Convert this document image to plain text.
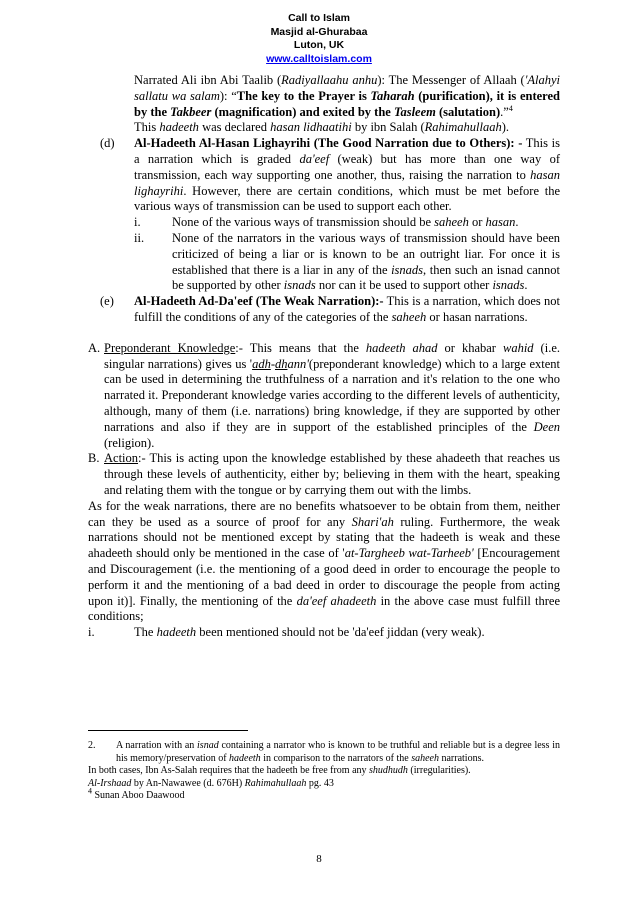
Call to Islam
Masjid al-Ghurabaa
Luton, UK
www.calltoislam.com

Narrated Ali ibn Abi Taalib (Radiyallaahu anhu): The Messenger of Allaah ('Alahyi sallatu wa salam): “The key to the Prayer is Taharah (purification), it is entered by the Takbeer (magnification) and exited by the Tasleem (salutation).”$^4$

This hadeeth was declared hasan lidhaatihi by ibn Salah (Rahimahullaah).

(d) Al-Hadeeth Al-Hasan Lighayrihi (The Good Narration due to Others): - This is a narration which is graded da'eef (weak) but has more than one way of transmission, each way supporting one another, thus, raising the narration to hasan lighayrihi. However, there are certain conditions, which must be met before the various ways of transmission can be used to support each other.
i.	None of the various ways of transmission should be saheeh or hasan.
ii. None of the narrators in the various ways of transmission should have been criticized of being a liar or is known to be an outright liar. For once it is established that there is a liar in any of the isnads, then such an isnad cannot be supported by other isnads nor can it be used to support other isnads.
(e) Al-Hadeeth Ad-Da'eef (The Weak Narration):- This is a narration, which does not fulfill the conditions of any of the categories of the saheeh or hasan narrations.
A. Preponderant Knowledge:- This means that the hadeeth ahad or khabar wahid (i.e. singular narrations) gives us 'adh-dhann'(preponderant knowledge) which to a large extent can be used in determining the truthfulness of a narration and it's relation to the one who narrated it. Preponderant knowledge varies according to the different levels of authenticity, although, many of them (i.e. narrations) bring knowledge, if they are supported by other narrations and also if they are in support of the established principles of the Deen (religion).
B. Action:- This is acting upon the knowledge established by these ahadeeth that reaches us through these levels of authenticity, either by; believing in them with the heart, speaking and relating them with the tongue or by carrying them out with the limbs.

As for the weak narrations, there are no benefits whatsoever to be obtain from them, neither can they be used as a source of proof for any Shari'ah ruling. Furthermore, the weak narrations should not be mentioned except by stating that the hadeeth is weak and these ahadeeth should only be mentioned in the case of 'at-Targheeb wat-Tarheeb' [Encouragement and Discouragement (i.e. the mentioning of a good deed in order to encourage the people to perform it and the mentioning of a bad deed in order to discourage the people from acting upon it)]. Finally, the mentioning of the da'eef ahadeeth in the above case must fulfill three conditions;

i.	The hadeeth been mentioned should not be 'da'eef jiddan (very weak).
2. A narration with an isnad containing a narrator who is known to be truthful and reliable but is a degree less in his memory/preservation of hadeeth in comparison to the narrators of the saheeh narrations.
In both cases, Ibn As-Salah requires that the hadeeth be free from any shudhudh (irregularities).
Al-Irshaad by An-Nawawee (d. 676H) Rahimahullaah pg. 43
$^4$ Sunan Aboo Daawood
8
